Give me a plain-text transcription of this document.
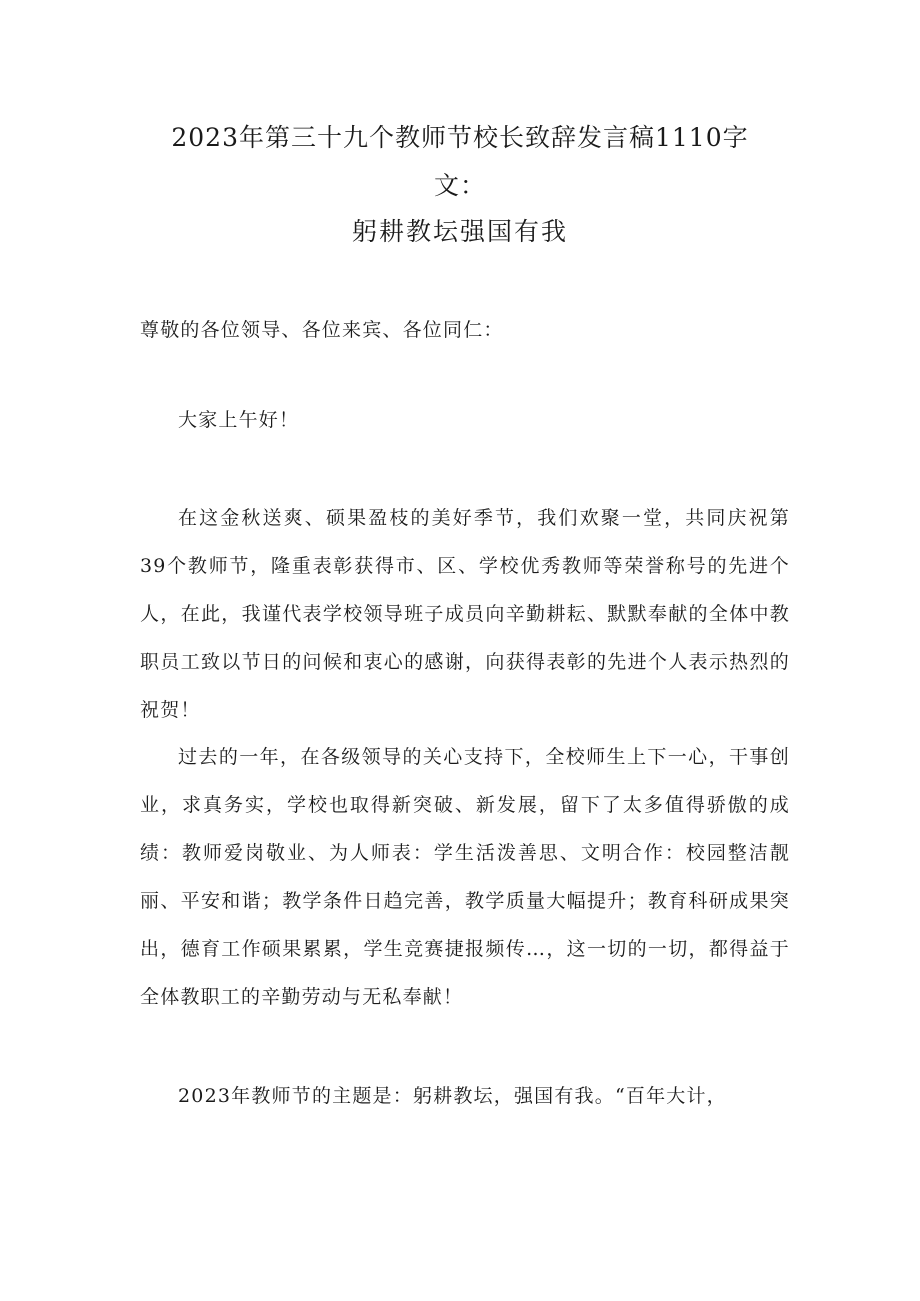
2023年第三十九个教师节校长致辞发言稿1110字
文：
躬耕教坛强国有我

尊敬的各位领导、各位来宾、各位同仁：

大家上午好！

在这金秋送爽、硕果盈枝的美好季节，我们欢聚一堂，共同庆祝第39个教师节，隆重表彰获得市、区、学校优秀教师等荣誉称号的先进个人，在此，我谨代表学校领导班子成员向辛勤耕耘、默默奉献的全体中教职员工致以节日的问候和衷心的感谢，向获得表彰的先进个人表示热烈的祝贺！

过去的一年，在各级领导的关心支持下，全校师生上下一心，干事创业，求真务实，学校也取得新突破、新发展，留下了太多值得骄傲的成绩：教师爱岗敬业、为人师表：学生活泼善思、文明合作：校园整洁靓丽、平安和谐；教学条件日趋完善，教学质量大幅提升；教育科研成果突出，德育工作硕果累累，学生竞赛捷报频传…，这一切的一切，都得益于全体教职工的辛勤劳动与无私奉献！

2023年教师节的主题是：躬耕教坛，强国有我。“百年大计，
